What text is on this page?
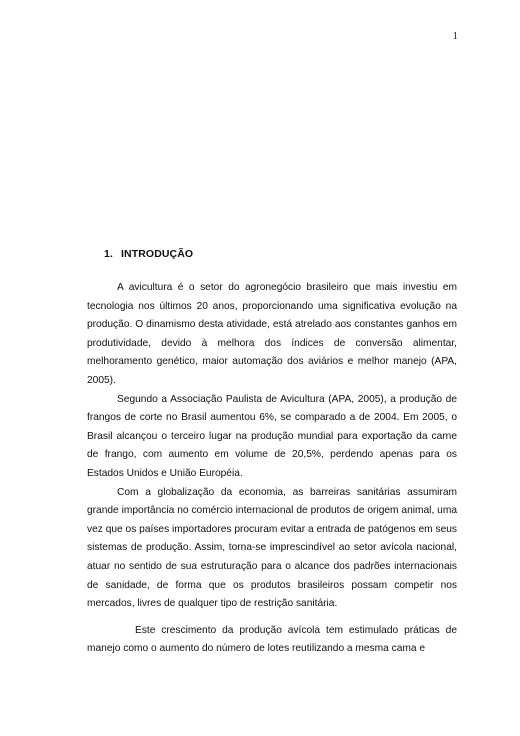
1
1. INTRODUÇÃO

A avicultura é o setor do agronegócio brasileiro que mais investiu em tecnologia nos últimos 20 anos, proporcionando uma significativa evolução na produção. O dinamismo desta atividade, está atrelado aos constantes ganhos em produtividade, devido à melhora dos índices de conversão alimentar, melhoramento genético, maior automação dos aviários e melhor manejo (APA, 2005).

Segundo a Associação Paulista de Avicultura (APA, 2005), a produção de frangos de corte no Brasil aumentou 6%, se comparado a de 2004. Em 2005, o Brasil alcançou o terceiro lugar na produção mundial para exportação da carne de frango, com aumento em volume de 20,5%, perdendo apenas para os Estados Unidos e União Européia.

Com a globalização da economia, as barreiras sanitárias assumiram grande importância no comércio internacional de produtos de origem animal, uma vez que os países importadores procuram evitar a entrada de patógenos em seus sistemas de produção. Assim, torna-se imprescindível ao setor avícola nacional, atuar no sentido de sua estruturação para o alcance dos padrões internacionais de sanidade, de forma que os produtos brasileiros possam competir nos mercados, livres de qualquer tipo de restrição sanitária.

Este crescimento da produção avícola tem estimulado práticas de manejo como o aumento do número de lotes reutilizando a mesma cama e
